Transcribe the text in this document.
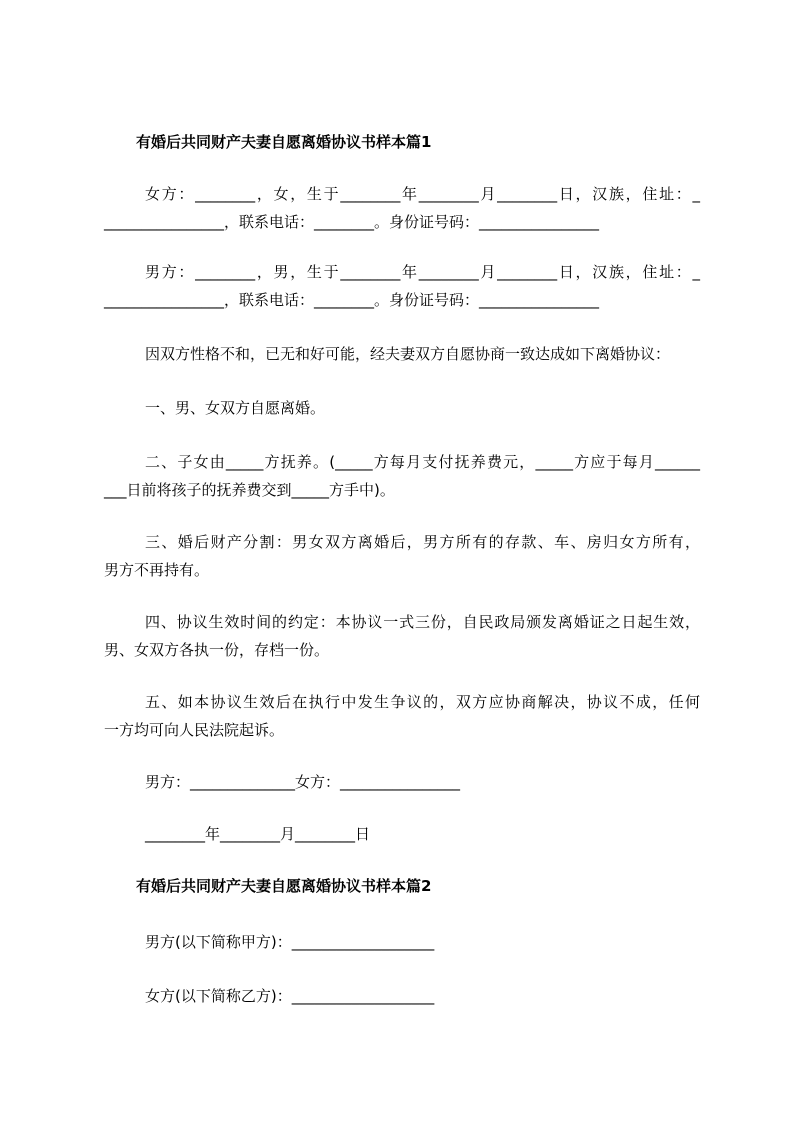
有婚后共同财产夫妻自愿离婚协议书样本篇1
女方：________，女，生于________年________月________日，汉族，住址：_
________________，联系电话：________。身份证号码：________________
男方：________，男，生于________年________月________日，汉族，住址：_
________________，联系电话：________。身份证号码：________________
因双方性格不和，已无和好可能，经夫妻双方自愿协商一致达成如下离婚协议：
一、男、女双方自愿离婚。
二、子女由_____方抚养。(_____方每月支付抚养费元，_____方应于每月______
___日前将孩子的抚养费交到_____方手中)。
三、婚后财产分割：男女双方离婚后，男方所有的存款、车、房归女方所有，
男方不再持有。
四、协议生效时间的约定：本协议一式三份，自民政局颁发离婚证之日起生效，
男、女双方各执一份，存档一份。
五、如本协议生效后在执行中发生争议的，双方应协商解决，协议不成，任何
一方均可向人民法院起诉。
男方：______________女方：________________
________年________月________日
有婚后共同财产夫妻自愿离婚协议书样本篇2
男方(以下简称甲方)：___________________
女方(以下简称乙方)：___________________
